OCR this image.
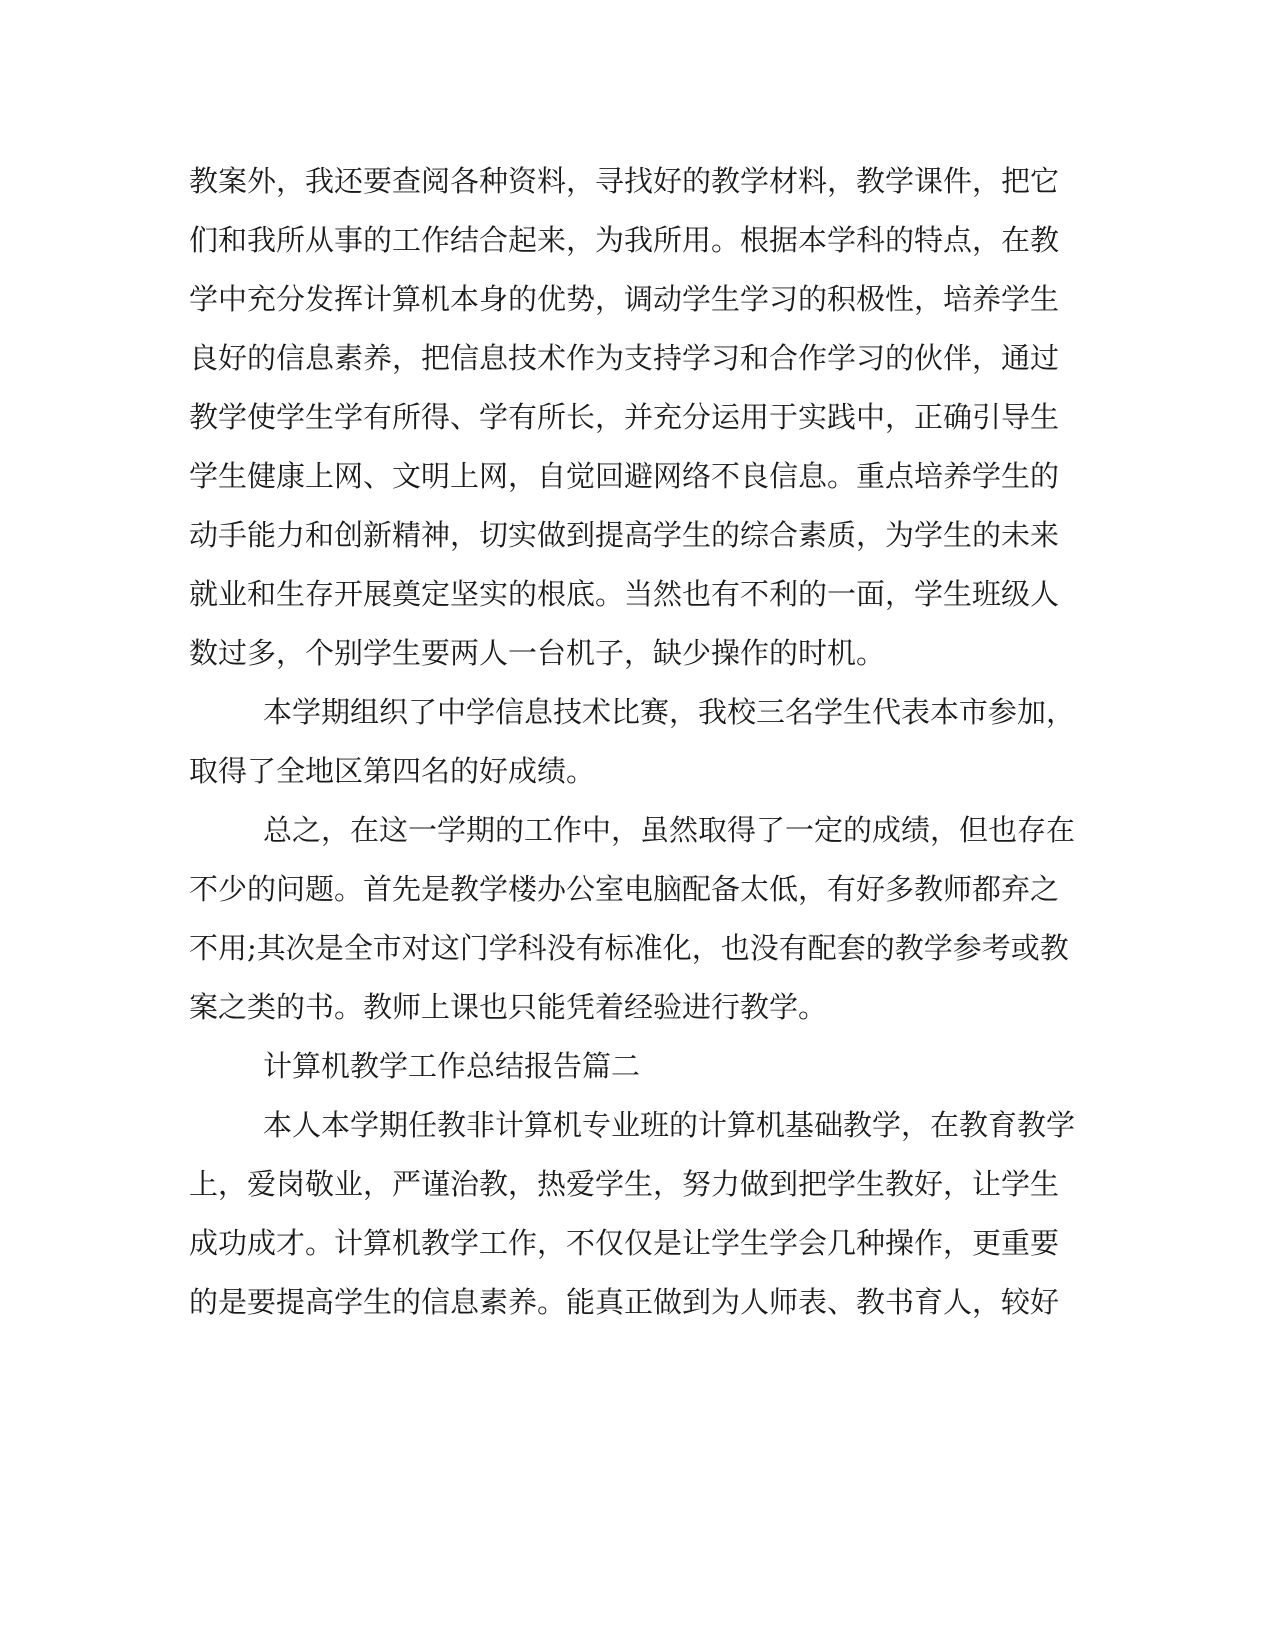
教案外，我还要查阅各种资料，寻找好的教学材料，教学课件，把它
们和我所从事的工作结合起来，为我所用。根据本学科的特点，在教
学中充分发挥计算机本身的优势，调动学生学习的积极性，培养学生
良好的信息素养，把信息技术作为支持学习和合作学习的伙伴，通过
教学使学生学有所得、学有所长，并充分运用于实践中，正确引导生
学生健康上网、文明上网，自觉回避网络不良信息。重点培养学生的
动手能力和创新精神，切实做到提高学生的综合素质，为学生的未来
就业和生存开展奠定坚实的根底。当然也有不利的一面，学生班级人
数过多，个别学生要两人一台机子，缺少操作的时机。
本学期组织了中学信息技术比赛，我校三名学生代表本市参加，
取得了全地区第四名的好成绩。
总之，在这一学期的工作中，虽然取得了一定的成绩，但也存在
不少的问题。首先是教学楼办公室电脑配备太低，有好多教师都弃之
不用;其次是全市对这门学科没有标准化，也没有配套的教学参考或教
案之类的书。教师上课也只能凭着经验进行教学。
计算机教学工作总结报告篇二
本人本学期任教非计算机专业班的计算机基础教学，在教育教学
上，爱岗敬业，严谨治教，热爱学生，努力做到把学生教好，让学生
成功成才。计算机教学工作，不仅仅是让学生学会几种操作，更重要
的是要提高学生的信息素养。能真正做到为人师表、教书育人，较好
